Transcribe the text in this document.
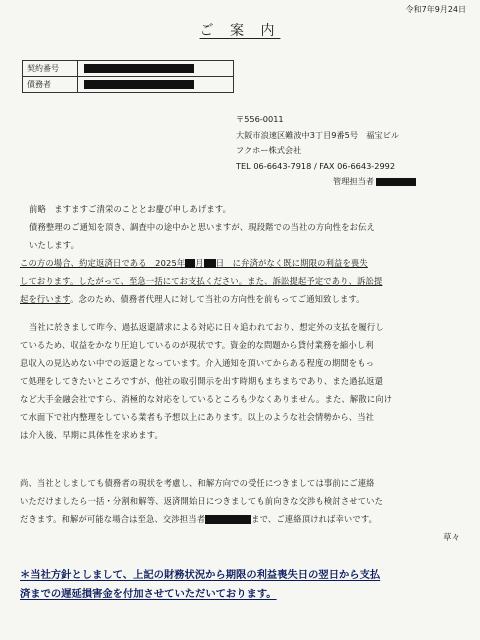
令和7年9月24日
ご 案 内
契約番号
債務者
〒556-0011
大阪市浪速区難波中3丁目9番5号　福宝ビル
フクホー株式会社
TEL 06-6643-7918 / FAX 06-6643-2992
管理担当者
前略　ますますご清栄のこととお慶び申しあげます。
債務整理のご通知を頂き、調査中の途中かと思いますが、現段階での当社の方向性をお伝え
いたします。
この方の場合、約定返済日である　2025年 月 日　に弁済がなく既に期限の利益を喪失
しております。したがって、至急一括にてお支払ください。また、訴訟提起予定であり、訴訟提
起を行います。念のため、債務者代理人に対して当社の方向性を前もってご通知致します。
当社に於きまして昨今、過払返還請求による対応に日々追われており、想定外の支払を履行し
ているため、収益をかなり圧迫しているのが現状です。資金的な問題から貸付業務を縮小し利
息収入の見込めない中での返還となっています。介入通知を頂いてからある程度の期間をもっ
て処理をしてきたいところですが、他社の取引開示を出す時期もまちまちであり、また過払返還
など大手金融会社ですら、消極的な対応をしているところも少なくありません。また、解散に向け
て水面下で社内整理をしている業者も予想以上にあります。以上のような社会情勢から、当社
は介入後、早期に具体性を求めます。
尚、当社としましても債務者の現状を考慮し、和解方向での受任につきましては事前にご連絡
いただけましたら一括・分割和解等、返済開始日につきましても前向きな交渉も検討させていた
だきます。和解が可能な場合は至急、交渉担当者	まで、ご連絡頂ければ幸いです。
草々
＊当社方針としまして、上記の財務状況から期限の利益喪失日の翌日から支払
済までの遅延損害金を付加させていただいております。
